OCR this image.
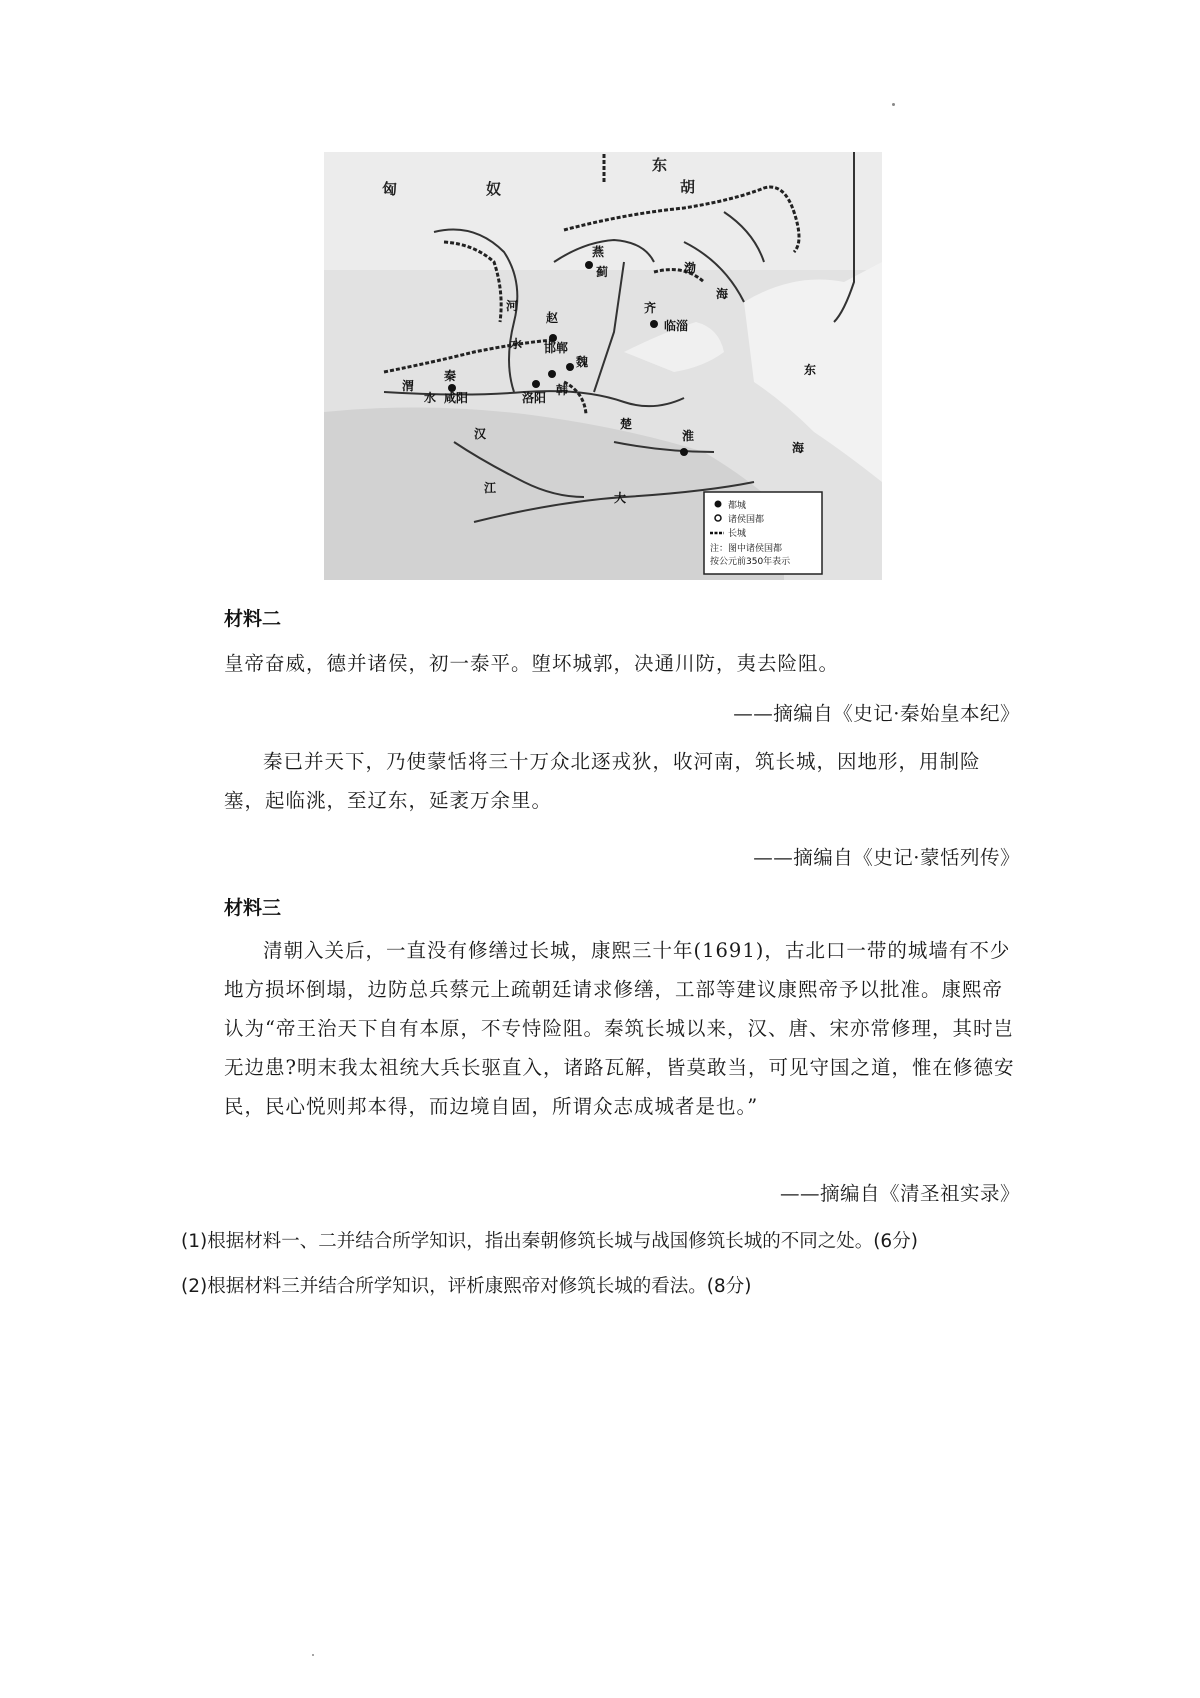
匈	奴
东
胡
燕
蓟
赵
邯郸
齐
临淄
渤
海
河
水
秦
咸阳
渭
水	洛阳
韩
魏
东
海
汉
江
楚
大
淮
都城
诸侯国都
长城
注：图中诸侯国都
按公元前350年表示
材料二
皇帝奋威，德并诸侯，初一泰平。堕坏城郭，决通川防，夷去险阻。
——摘编自《史记·秦始皇本纪》
秦已并天下，乃使蒙恬将三十万众北逐戎狄，收河南，筑长城，因地形，用制险塞，起临洮，至辽东，延袤万余里。
——摘编自《史记·蒙恬列传》
材料三
清朝入关后，一直没有修缮过长城，康熙三十年(1691)，古北口一带的城墙有不少地方损坏倒塌，边防总兵蔡元上疏朝廷请求修缮，工部等建议康熙帝予以批准。康熙帝认为“帝王治天下自有本原，不专恃险阻。秦筑长城以来，汉、唐、宋亦常修理，其时岂无边患?明末我太祖统大兵长驱直入，诸路瓦解，皆莫敢当，可见守国之道，惟在修德安民，民心悦则邦本得，而边境自固，所谓众志成城者是也。”
——摘编自《清圣祖实录》
(1)根据材料一、二并结合所学知识，指出秦朝修筑长城与战国修筑长城的不同之处。(6分)
(2)根据材料三并结合所学知识，评析康熙帝对修筑长城的看法。(8分)
